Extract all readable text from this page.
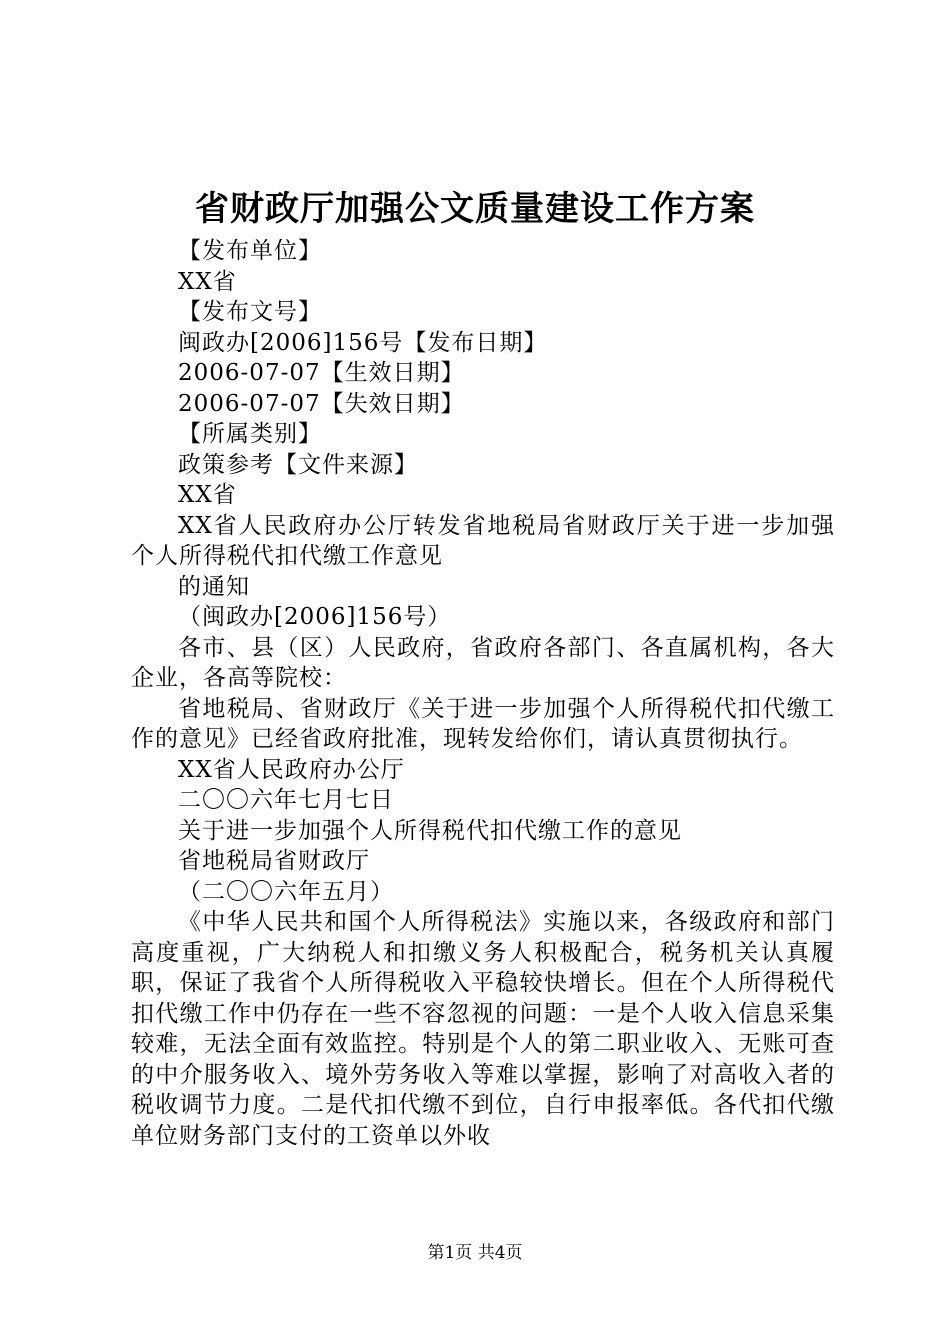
省财政厅加强公文质量建设工作方案

【发布单位】

XX省

【发布文号】

闽政办[2006]156号【发布日期】

2006-07-07【生效日期】

2006-07-07【失效日期】

【所属类别】

政策参考【文件来源】

XX省

XX省人民政府办公厅转发省地税局省财政厅关于进一步加强个人所得税代扣代缴工作意见

的通知

（闽政办[2006]156号）

各市、县（区）人民政府，省政府各部门、各直属机构，各大企业，各高等院校：

省地税局、省财政厅《关于进一步加强个人所得税代扣代缴工作的意见》已经省政府批准，现转发给你们，请认真贯彻执行。

XX省人民政府办公厅

二〇〇六年七月七日

关于进一步加强个人所得税代扣代缴工作的意见

省地税局省财政厅

（二〇〇六年五月）

《中华人民共和国个人所得税法》实施以来，各级政府和部门高度重视，广大纳税人和扣缴义务人积极配合，税务机关认真履职，保证了我省个人所得税收入平稳较快增长。但在个人所得税代扣代缴工作中仍存在一些不容忽视的问题：一是个人收入信息采集较难，无法全面有效监控。特别是个人的第二职业收入、无账可查的中介服务收入、境外劳务收入等难以掌握，影响了对高收入者的税收调节力度。二是代扣代缴不到位，自行申报率低。各代扣代缴单位财务部门支付的工资单以外收

第1页 共4页
